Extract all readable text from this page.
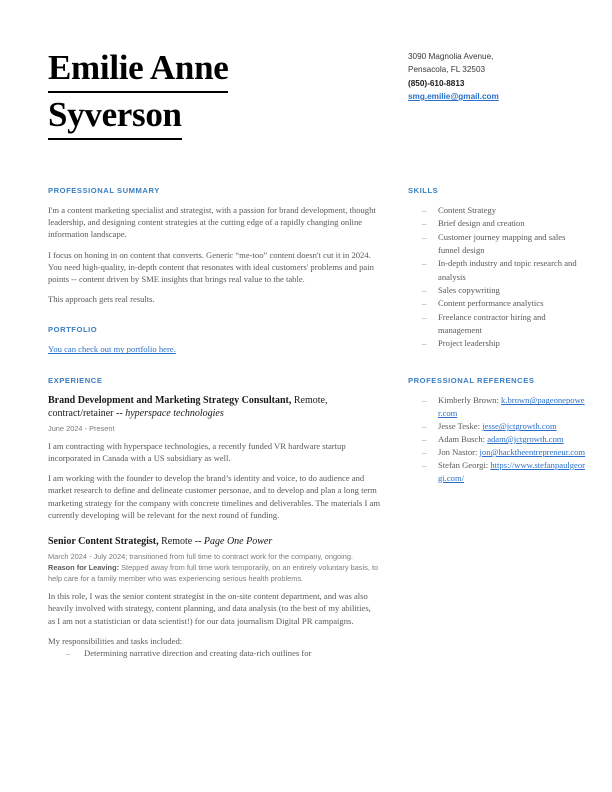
Emilie Anne
Syverson
3090 Magnolia Avenue,
Pensacola, FL 32503
(850)-610-8813
smg.emilie@gmail.com
PROFESSIONAL SUMMARY

I'm a content marketing specialist and strategist, with a passion for brand development, thought leadership, and designing content strategies at the cutting edge of a rapidly changing online information landscape.

I focus on honing in on content that converts. Generic “me-too” content doesn't cut it in 2024. You need high-quality, in-depth content that resonates with ideal customers' problems and pain points -- content driven by SME insights that brings real value to the table.

This approach gets real results.

PORTFOLIO

You can check out my portfolio here.

EXPERIENCE
Brand Development and Marketing Strategy Consultant, Remote, contract/retainer -- hyperspace technologies
June 2024 - Present

I am contracting with hyperspace technologies, a recently funded VR hardware startup incorporated in Canada with a US subsidiary as well.

I am working with the founder to develop the brand’s identity and voice, to do audience and market research to define and delineate customer personae, and to develop and plan a long term marketing strategy for the company with concrete timelines and deliverables. The materials I am currently developing will be relevant for the next round of funding.

Senior Content Strategist, Remote -- Page One Power
March 2024 - July 2024; transitioned from full time to contract work for the company, ongoing.
Reason for Leaving: Stepped away from full time work temporarily, on an entirely voluntary basis, to help care for a family member who was experiencing serious health problems.

In this role, I was the senior content strategist in the on-site content department, and was also heavily involved with strategy, content planning, and data analysis (to the best of my abilities, as I am not a statistician or data scientist!) for our data journalism Digital PR campaigns.

My responsibilities and tasks included:

– Determining narrative direction and creating data-rich outlines for
SKILLS
– Content Strategy
– Brief design and creation
– Customer journey mapping and sales funnel design
– In-depth industry and topic research and analysis
– Sales copywriting
– Content performance analytics
– Freelance contractor hiring and management
– Project leadership
PROFESSIONAL REFERENCES
– Kimberly Brown: k.brown@pageonepower.com
– Jesse Teske: jesse@jctgrowth.com
– Adam Busch: adam@jctgrowth.com
– Jon Nastor: jon@hacktheentrepreneur.com
– Stefan Georgi: https://www.stefanpaulgeorgi.com/
